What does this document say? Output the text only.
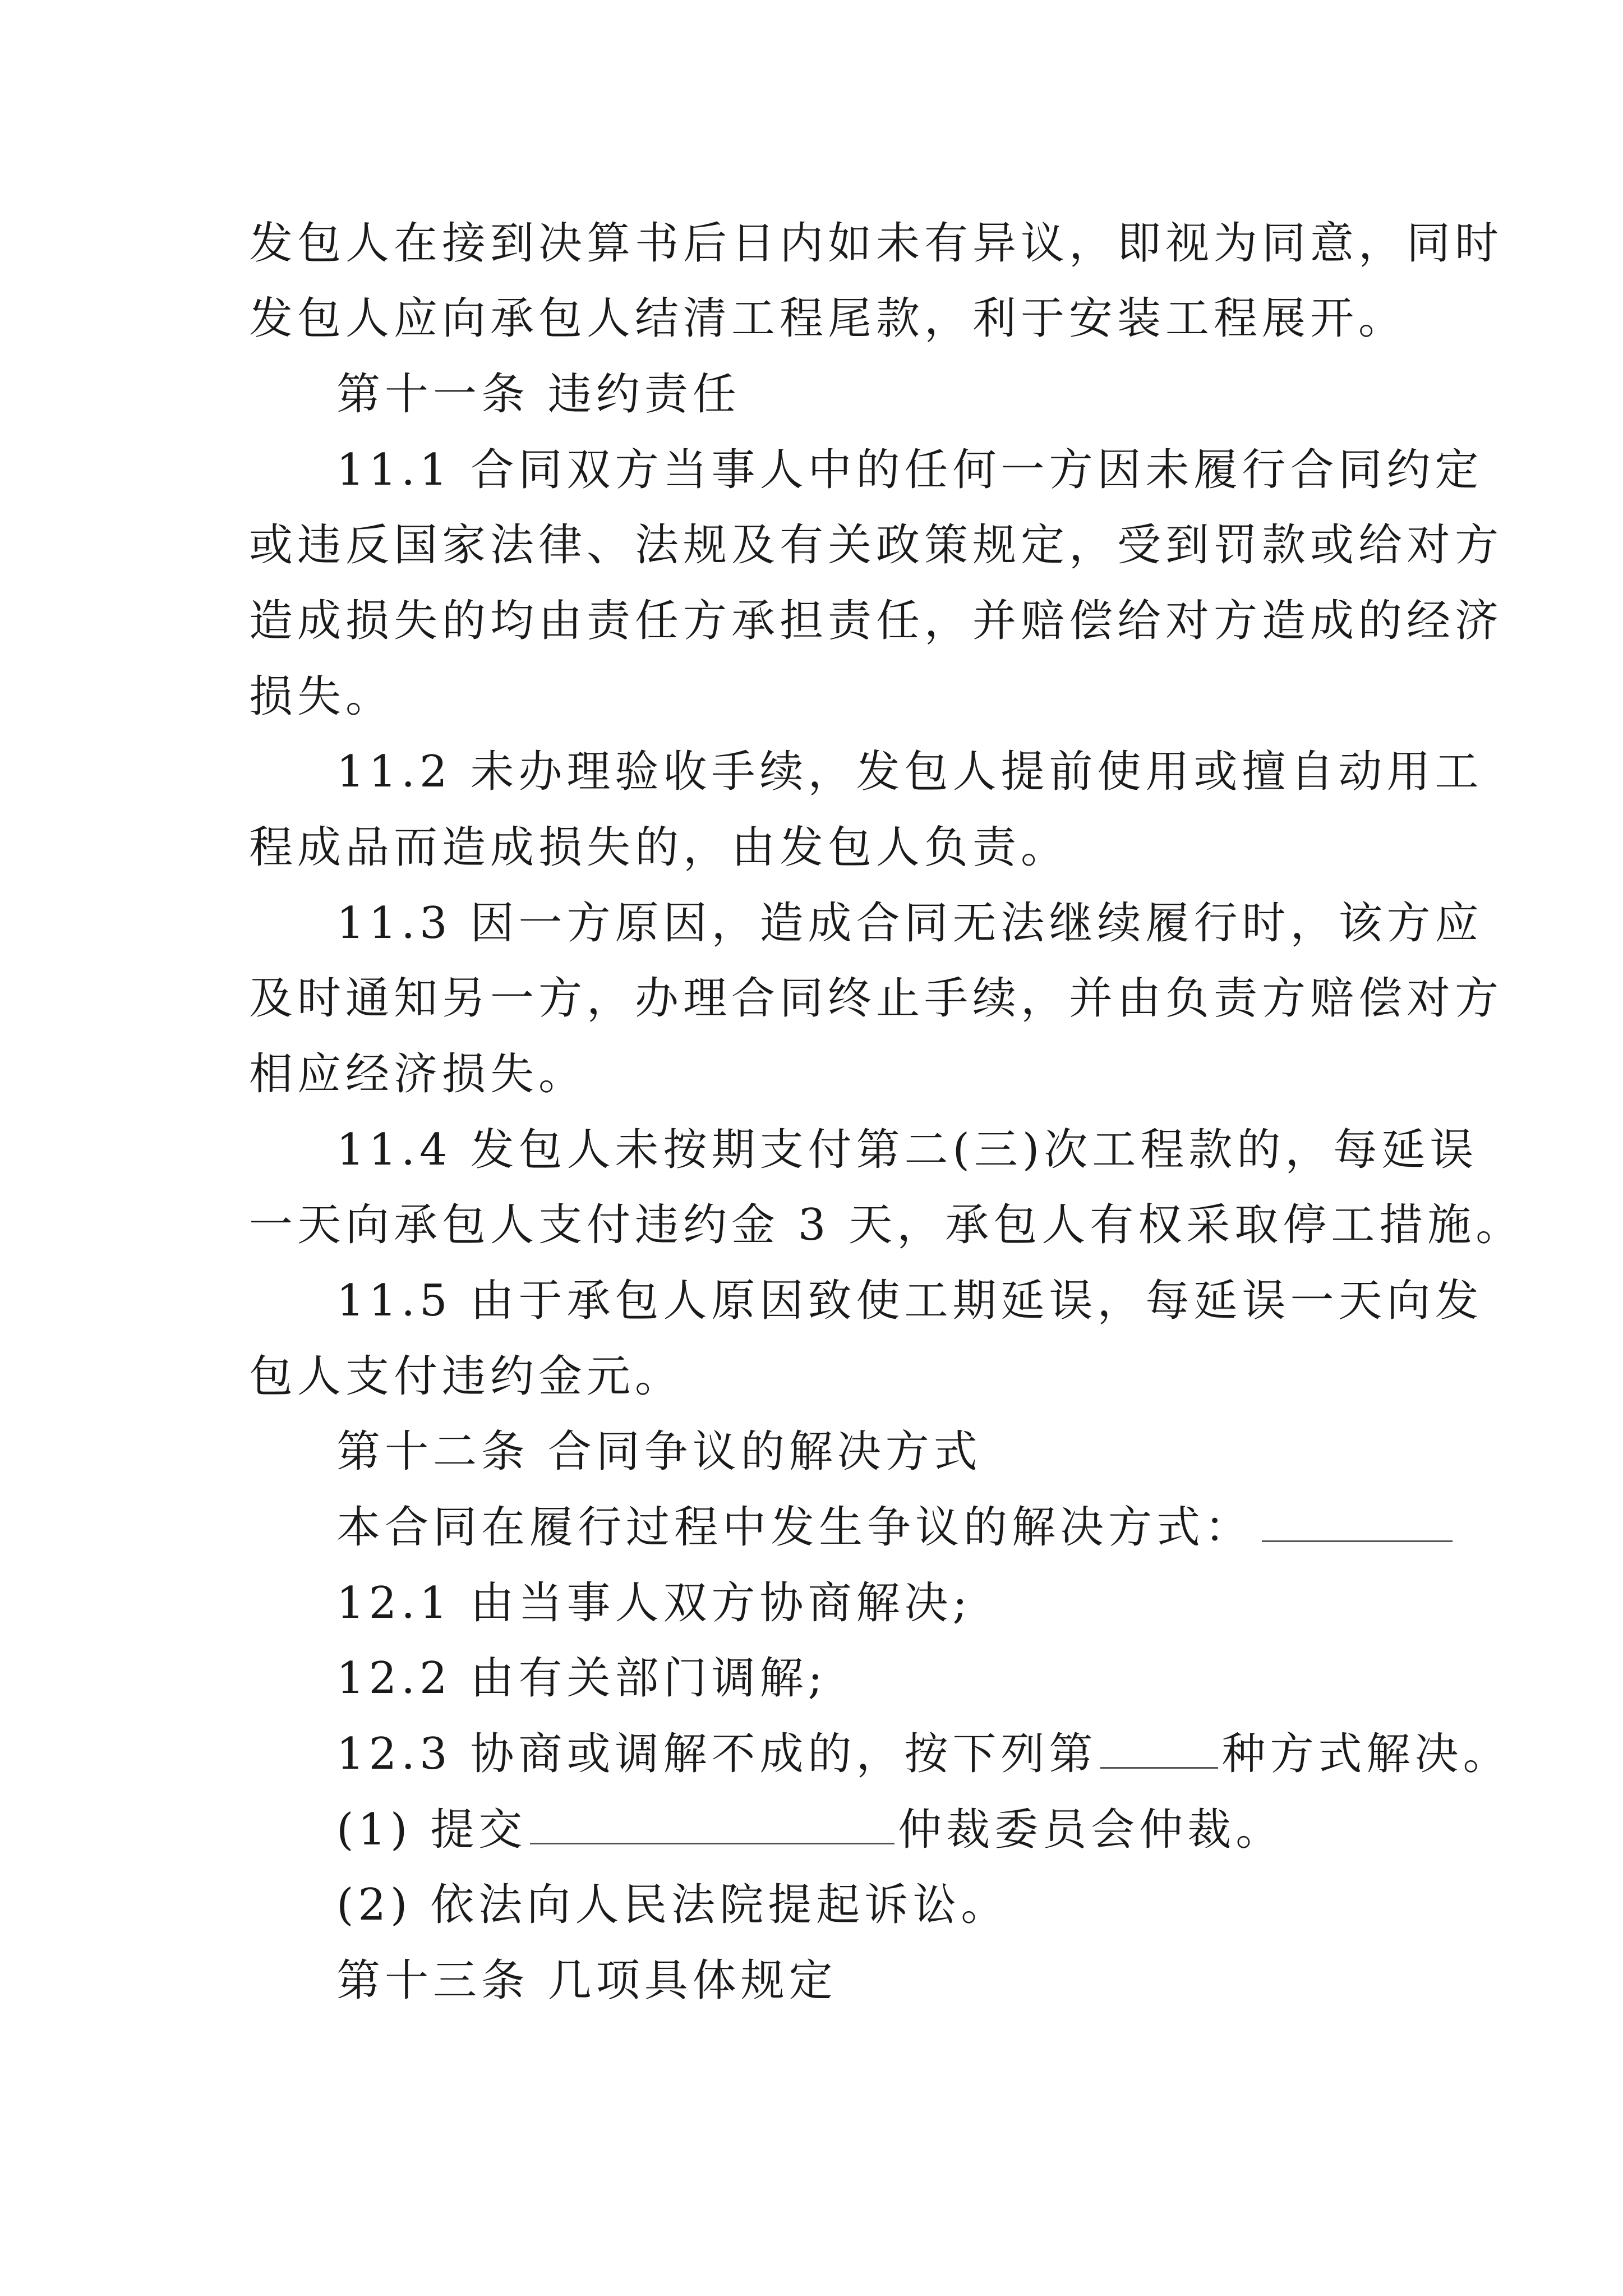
发包人在接到决算书后日内如未有异议，即视为同意，同时
发包人应向承包人结清工程尾款，利于安装工程展开。
第十一条 违约责任
11.1 合同双方当事人中的任何一方因未履行合同约定
或违反国家法律、法规及有关政策规定，受到罚款或给对方
造成损失的均由责任方承担责任，并赔偿给对方造成的经济
损失。
11.2 未办理验收手续，发包人提前使用或擅自动用工
程成品而造成损失的，由发包人负责。
11.3 因一方原因，造成合同无法继续履行时，该方应
及时通知另一方，办理合同终止手续，并由负责方赔偿对方
相应经济损失。
11.4 发包人未按期支付第二(三)次工程款的，每延误
一天向承包人支付违约金 3 天，承包人有权采取停工措施。
11.5 由于承包人原因致使工期延误，每延误一天向发
包人支付违约金元。
第十二条 合同争议的解决方式
本合同在履行过程中发生争议的解决方式：
12.1 由当事人双方协商解决;
12.2 由有关部门调解;
12.3 协商或调解不成的，按下列第	种方式解决。
(1) 提交	仲裁委员会仲裁。
(2) 依法向人民法院提起诉讼。
第十三条 几项具体规定
